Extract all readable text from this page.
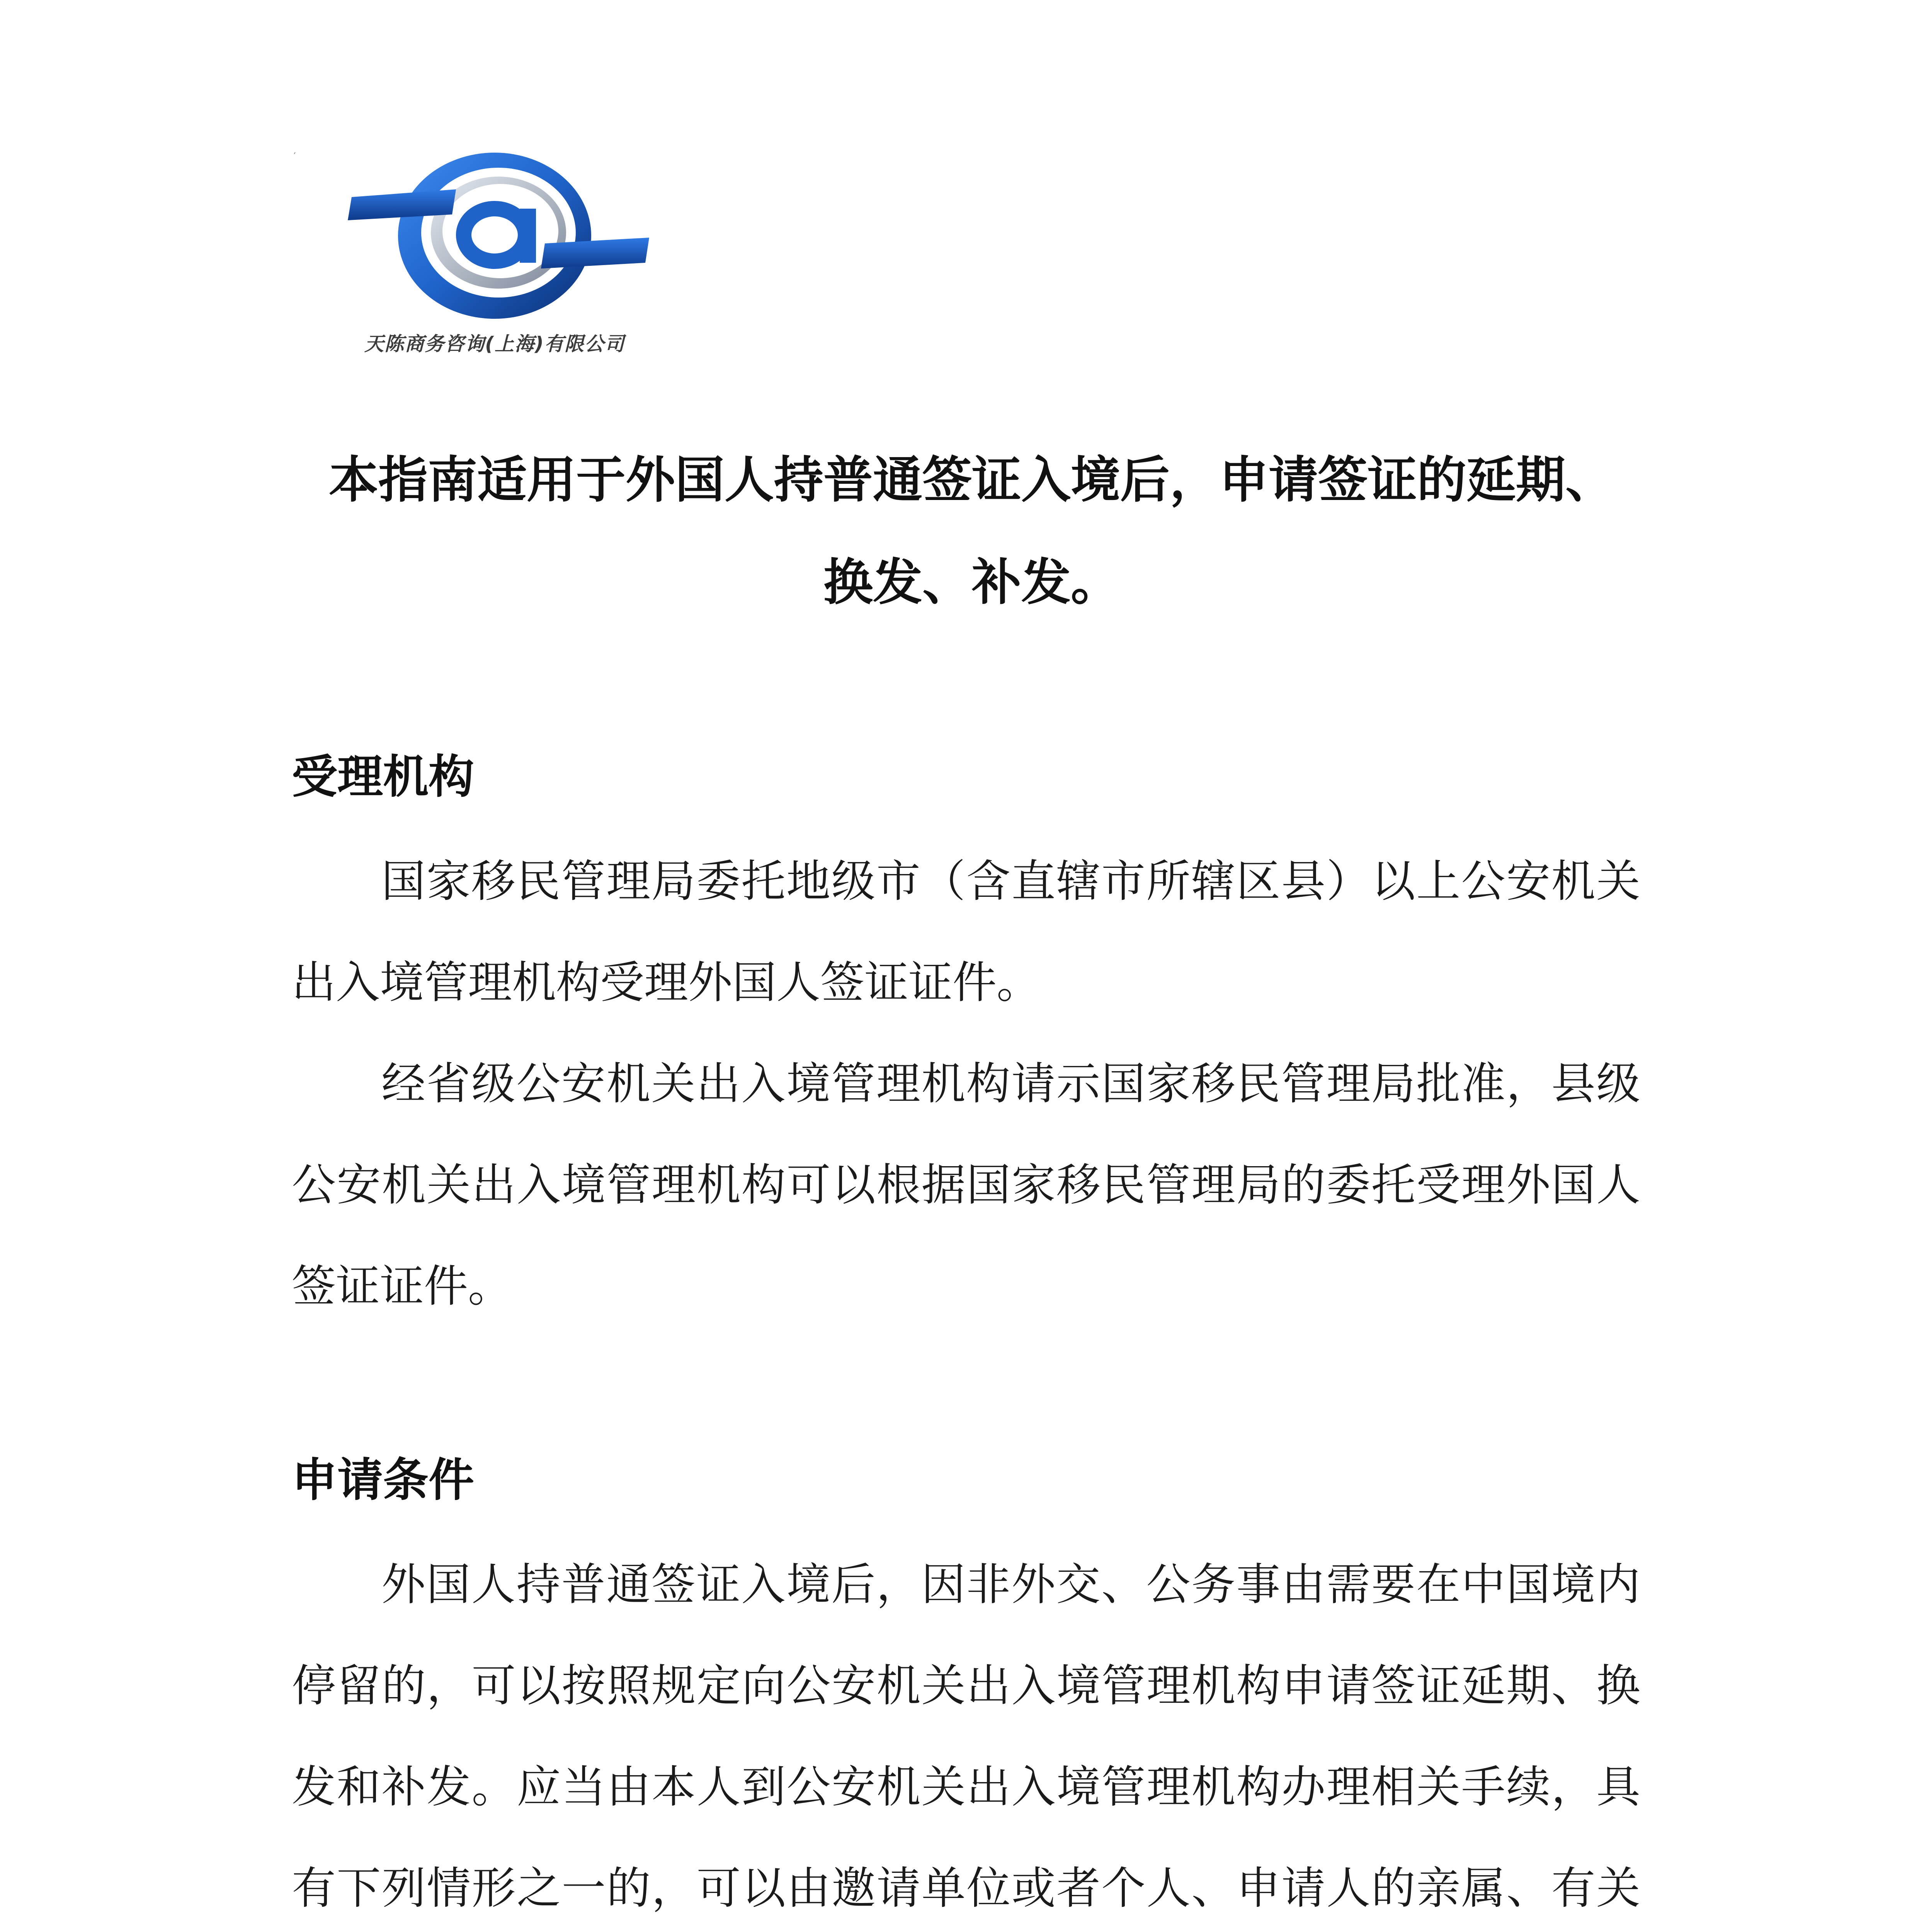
′
天陈商务咨询(上海)有限公司
本指南适用于外国人持普通签证入境后，申请签证的延期、
换发、补发。
受理机构

国家移民管理局委托地级市（含直辖市所辖区县）以上公安机关出入境管理机构受理外国人签证证件。

经省级公安机关出入境管理机构请示国家移民管理局批准，县级公安机关出入境管理机构可以根据国家移民管理局的委托受理外国人签证证件。

申请条件

外国人持普通签证入境后，因非外交、公务事由需要在中国境内停留的，可以按照规定向公安机关出入境管理机构申请签证延期、换发和补发。应当由本人到公安机关出入境管理机构办理相关手续，具有下列情形之一的，可以由邀请单位或者个人、申请人的亲属、有关
